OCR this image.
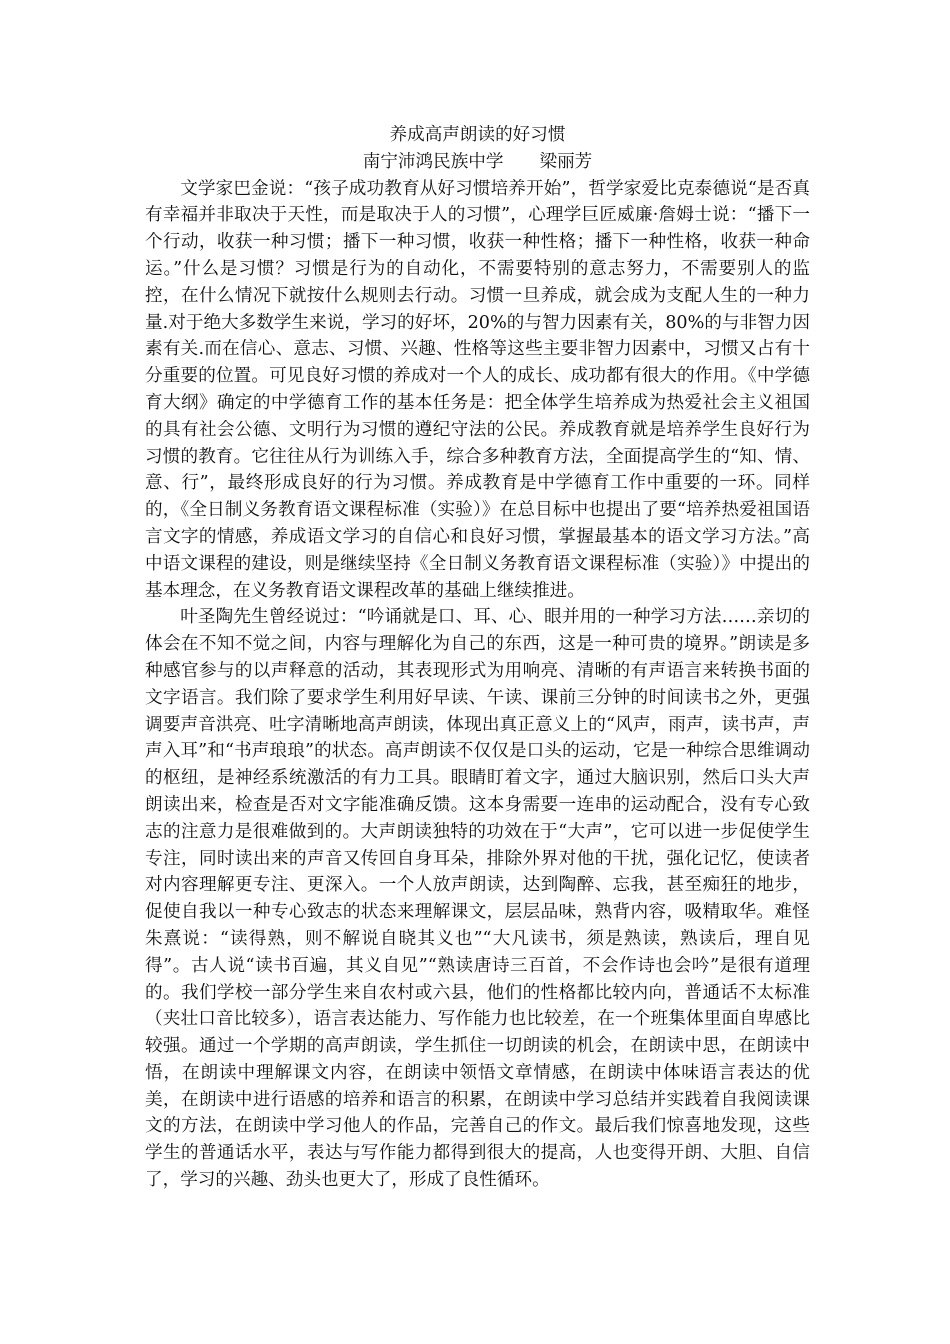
养成高声朗读的好习惯
南宁沛鸿民族中学 梁丽芳

文学家巴金说：“孩子成功教育从好习惯培养开始”，哲学家爱比克泰德说“是否真有幸福并非取决于天性，而是取决于人的习惯”，心理学巨匠威廉·詹姆士说：“播下一个行动，收获一种习惯；播下一种习惯，收获一种性格；播下一种性格，收获一种命运。”什么是习惯？习惯是行为的自动化，不需要特别的意志努力，不需要别人的监控，在什么情况下就按什么规则去行动。习惯一旦养成，就会成为支配人生的一种力量.对于绝大多数学生来说，学习的好坏，20%的与智力因素有关，80%的与非智力因素有关.而在信心、意志、习惯、兴趣、性格等这些主要非智力因素中，习惯又占有十分重要的位置。可见良好习惯的养成对一个人的成长、成功都有很大的作用。《中学德育大纲》确定的中学德育工作的基本任务是：把全体学生培养成为热爱社会主义祖国的具有社会公德、文明行为习惯的遵纪守法的公民。养成教育就是培养学生良好行为习惯的教育。它往往从行为训练入手，综合多种教育方法，全面提高学生的“知、情、意、行”，最终形成良好的行为习惯。养成教育是中学德育工作中重要的一环。同样的，《全日制义务教育语文课程标准（实验）》在总目标中也提出了要“培养热爱祖国语言文字的情感，养成语文学习的自信心和良好习惯，掌握最基本的语文学习方法。”高中语文课程的建设，则是继续坚持《全日制义务教育语文课程标准（实验）》中提出的基本理念，在义务教育语文课程改革的基础上继续推进。

叶圣陶先生曾经说过：“吟诵就是口、耳、心、眼并用的一种学习方法……亲切的体会在不知不觉之间，内容与理解化为自己的东西，这是一种可贵的境界。”朗读是多种感官参与的以声释意的活动，其表现形式为用响亮、清晰的有声语言来转换书面的文字语言。我们除了要求学生利用好早读、午读、课前三分钟的时间读书之外，更强调要声音洪亮、吐字清晰地高声朗读，体现出真正意义上的“风声，雨声，读书声，声声入耳”和“书声琅琅”的状态。高声朗读不仅仅是口头的运动，它是一种综合思维调动的枢纽，是神经系统激活的有力工具。眼睛盯着文字，通过大脑识别，然后口头大声朗读出来，检查是否对文字能准确反馈。这本身需要一连串的运动配合，没有专心致志的注意力是很难做到的。大声朗读独特的功效在于“大声”，它可以进一步促使学生专注，同时读出来的声音又传回自身耳朵，排除外界对他的干扰，强化记忆，使读者对内容理解更专注、更深入。一个人放声朗读，达到陶醉、忘我，甚至痴狂的地步，促使自我以一种专心致志的状态来理解课文，层层品味，熟背内容，吸精取华。难怪朱熹说：“读得熟，则不解说自晓其义也”“大凡读书，须是熟读，熟读后，理自见得”。古人说“读书百遍，其义自见”“熟读唐诗三百首，不会作诗也会吟”是很有道理的。我们学校一部分学生来自农村或六县，他们的性格都比较内向，普通话不太标准（夹壮口音比较多），语言表达能力、写作能力也比较差，在一个班集体里面自卑感比较强。通过一个学期的高声朗读，学生抓住一切朗读的机会，在朗读中思，在朗读中悟，在朗读中理解课文内容，在朗读中领悟文章情感，在朗读中体味语言表达的优美，在朗读中进行语感的培养和语言的积累，在朗读中学习总结并实践着自我阅读课文的方法，在朗读中学习他人的作品，完善自己的作文。最后我们惊喜地发现，这些学生的普通话水平，表达与写作能力都得到很大的提高，人也变得开朗、大胆、自信了，学习的兴趣、劲头也更大了，形成了良性循环。
